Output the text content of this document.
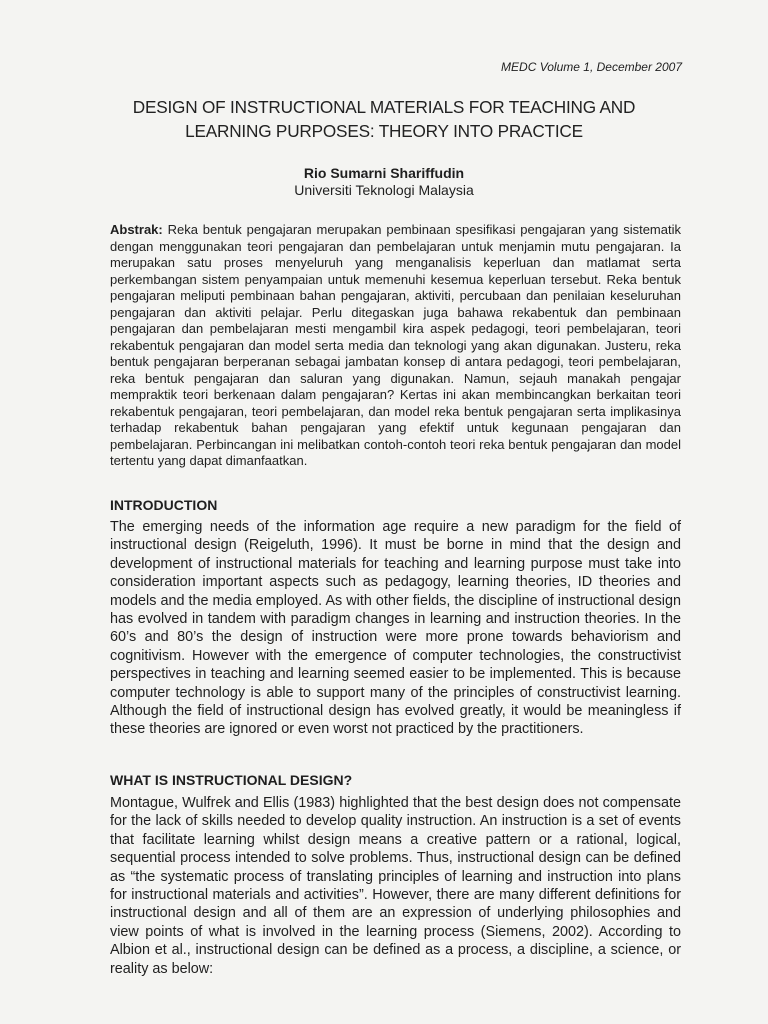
MEDC Volume 1, December 2007
DESIGN OF INSTRUCTIONAL MATERIALS FOR TEACHING AND LEARNING PURPOSES: THEORY INTO PRACTICE
Rio Sumarni Shariffudin
Universiti Teknologi Malaysia

Abstrak: Reka bentuk pengajaran merupakan pembinaan spesifikasi pengajaran yang sistematik dengan menggunakan teori pengajaran dan pembelajaran untuk menjamin mutu pengajaran. Ia merupakan satu proses menyeluruh yang menganalisis keperluan dan matlamat serta perkembangan sistem penyampaian untuk memenuhi kesemua keperluan tersebut. Reka bentuk pengajaran meliputi pembinaan bahan pengajaran, aktiviti, percubaan dan penilaian keseluruhan pengajaran dan aktiviti pelajar. Perlu ditegaskan juga bahawa rekabentuk dan pembinaan pengajaran dan pembelajaran mesti mengambil kira aspek pedagogi, teori pembelajaran, teori rekabentuk pengajaran dan model serta media dan teknologi yang akan digunakan. Justeru, reka bentuk pengajaran berperanan sebagai jambatan konsep di antara pedagogi, teori pembelajaran, reka bentuk pengajaran dan saluran yang digunakan. Namun, sejauh manakah pengajar mempraktik teori berkenaan dalam pengajaran? Kertas ini akan membincangkan berkaitan teori rekabentuk pengajaran, teori pembelajaran, dan model reka bentuk pengajaran serta implikasinya terhadap rekabentuk bahan pengajaran yang efektif untuk kegunaan pengajaran dan pembelajaran. Perbincangan ini melibatkan contoh-contoh teori reka bentuk pengajaran dan model tertentu yang dapat dimanfaatkan.

INTRODUCTION

The emerging needs of the information age require a new paradigm for the field of instructional design (Reigeluth, 1996). It must be borne in mind that the design and development of instructional materials for teaching and learning purpose must take into consideration important aspects such as pedagogy, learning theories, ID theories and models and the media employed. As with other fields, the discipline of instructional design has evolved in tandem with paradigm changes in learning and instruction theories. In the 60’s and 80’s the design of instruction were more prone towards behaviorism and cognitivism. However with the emergence of computer technologies, the constructivist perspectives in teaching and learning seemed easier to be implemented. This is because computer technology is able to support many of the principles of constructivist learning. Although the field of instructional design has evolved greatly, it would be meaningless if these theories are ignored or even worst not practiced by the practitioners.

WHAT IS INSTRUCTIONAL DESIGN?

Montague, Wulfrek and Ellis (1983) highlighted that the best design does not compensate for the lack of skills needed to develop quality instruction. An instruction is a set of events that facilitate learning whilst design means a creative pattern or a rational, logical, sequential process intended to solve problems. Thus, instructional design can be defined as “the systematic process of translating principles of learning and instruction into plans for instructional materials and activities”. However, there are many different definitions for instructional design and all of them are an expression of underlying philosophies and view points of what is involved in the learning process (Siemens, 2002). According to Albion et al., instructional design can be defined as a process, a discipline, a science, or reality as below:
